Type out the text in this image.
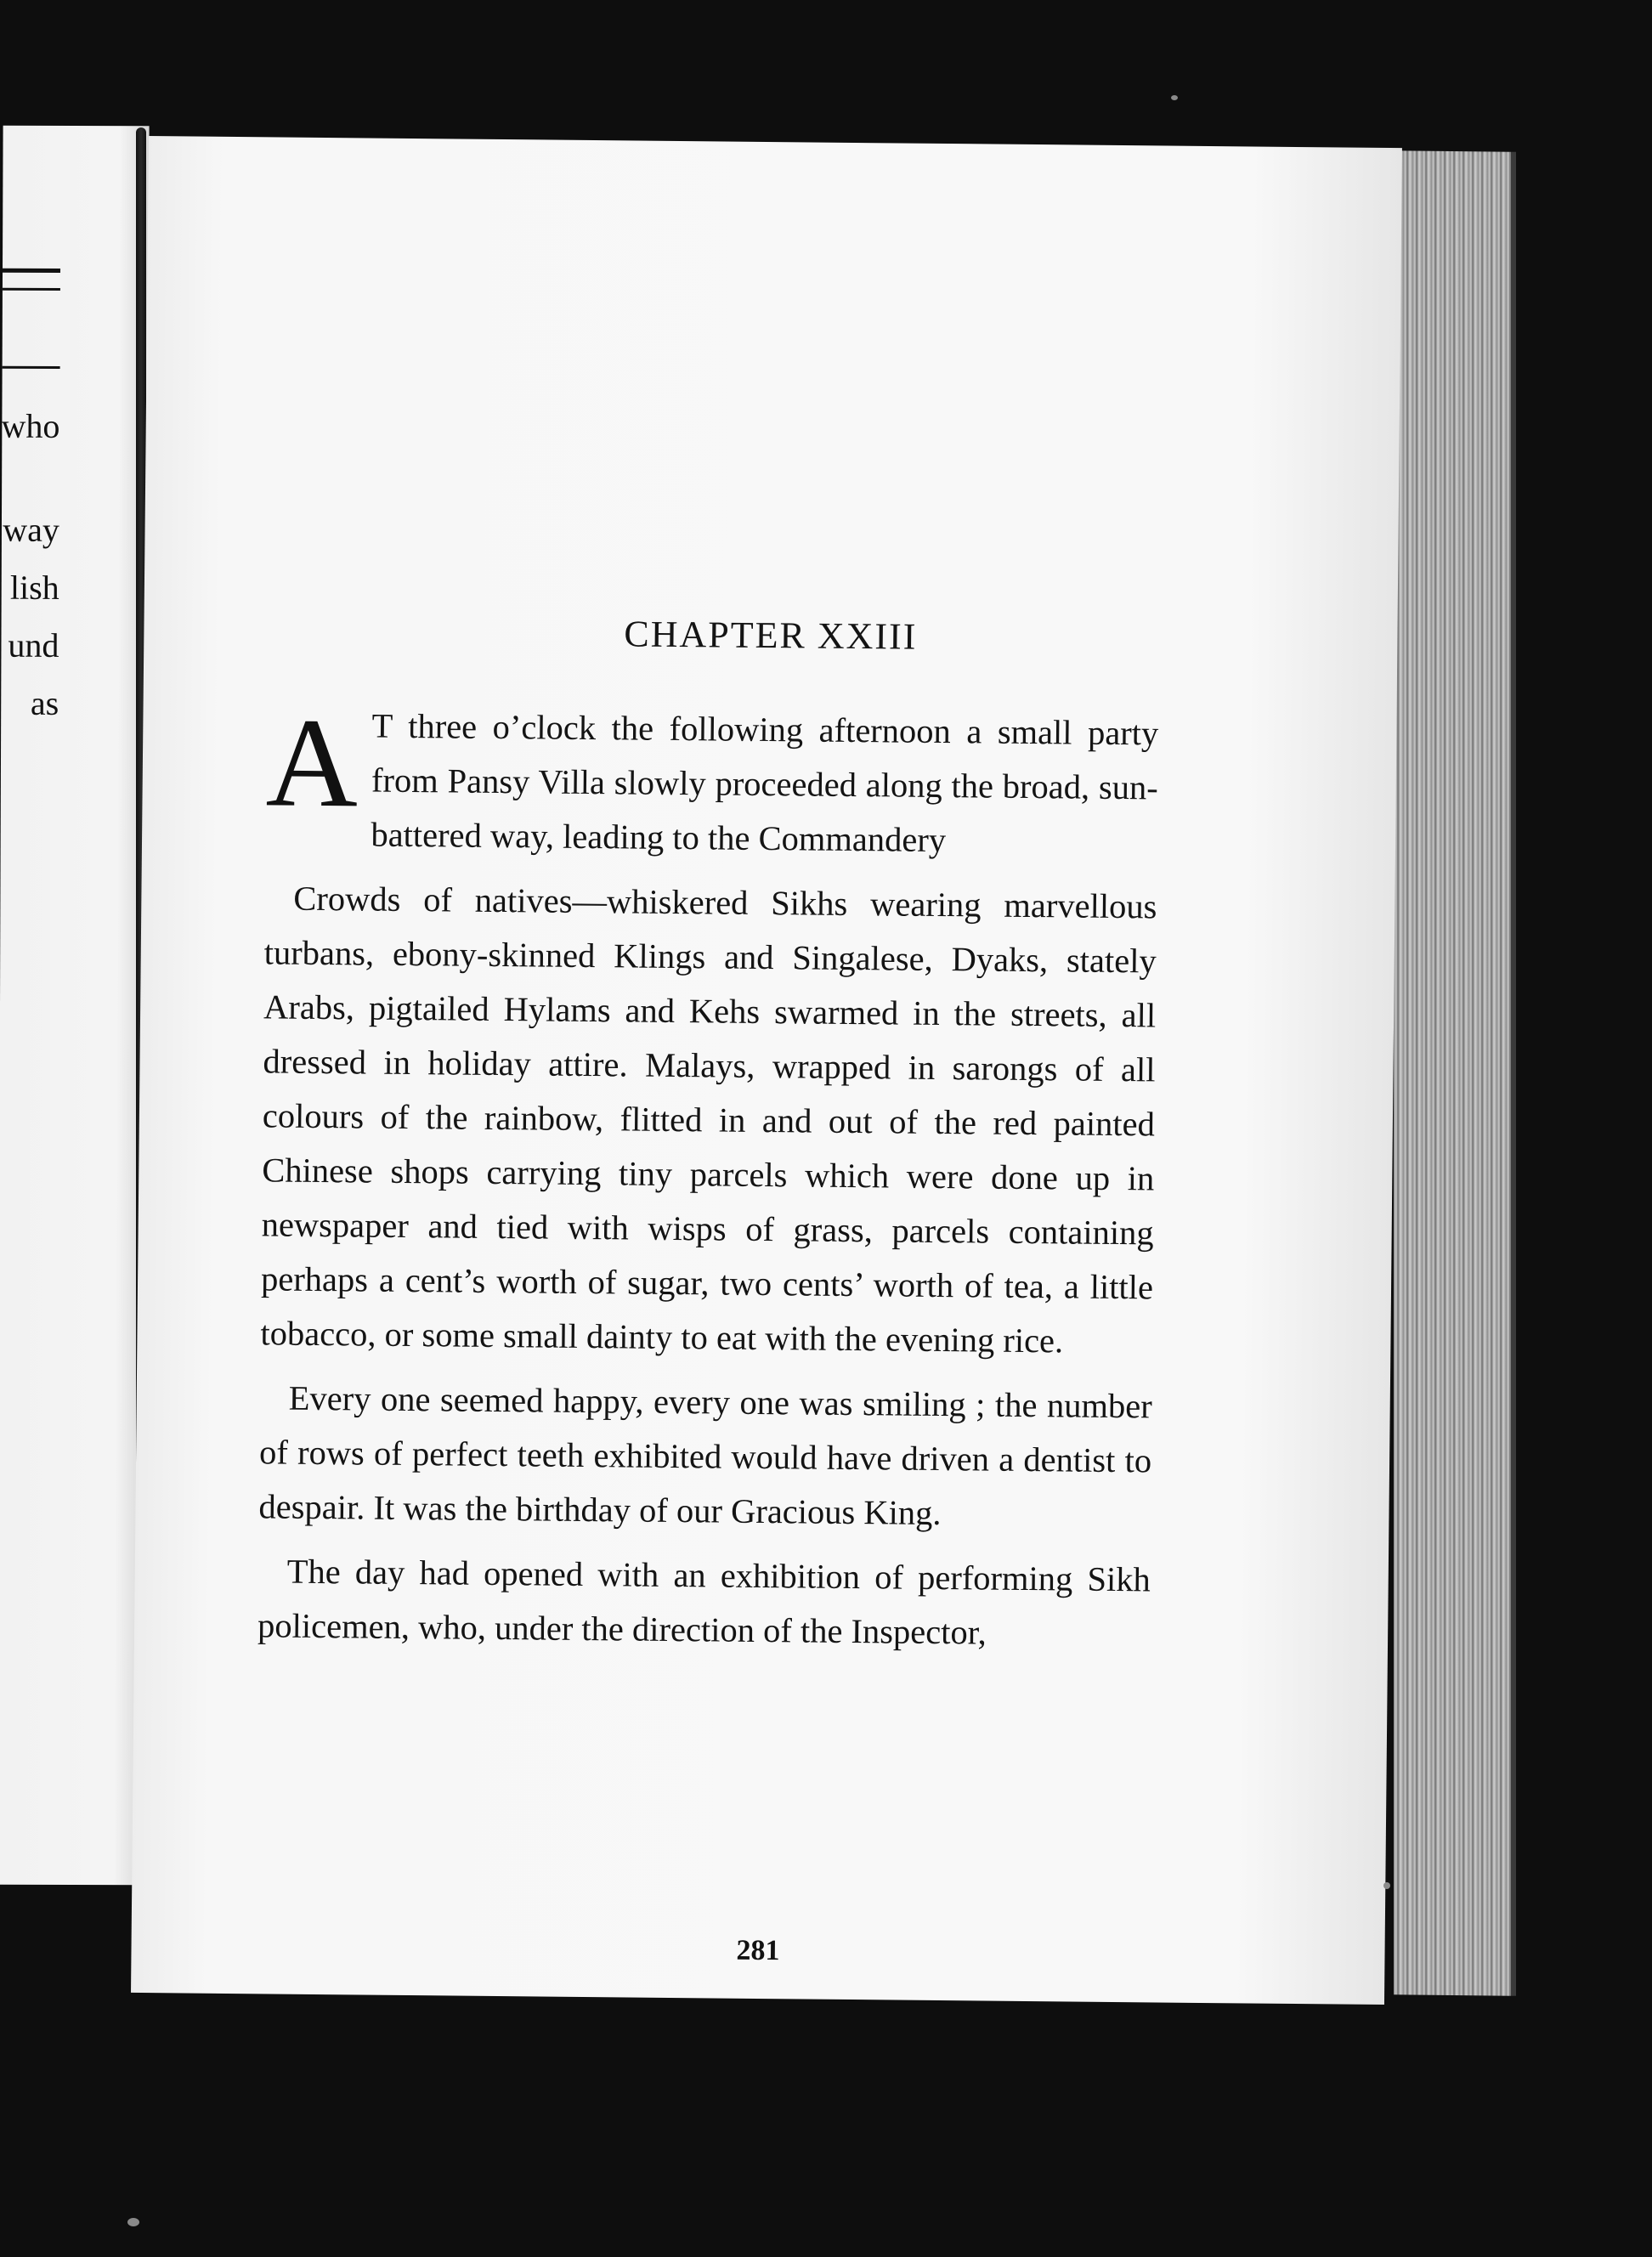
who

way

lish

und

as

CHAPTER XXIII

A T three o’clock the following afternoon a small party from Pansy Villa slowly proceeded along the broad, sun-battered way, leading to the Commandery

Crowds of natives—whiskered Sikhs wearing marvellous turbans, ebony-skinned Klings and Singalese, Dyaks, stately Arabs, pigtailed Hylams and Kehs swarmed in the streets, all dressed in holiday attire. Malays, wrapped in sarongs of all colours of the rainbow, flitted in and out of the red painted Chinese shops carrying tiny parcels which were done up in newspaper and tied with wisps of grass, parcels containing perhaps a cent’s worth of sugar, two cents’ worth of tea, a little tobacco, or some small dainty to eat with the evening rice.

Every one seemed happy, every one was smiling ; the number of rows of perfect teeth exhibited would have driven a dentist to despair. It was the birthday of our Gracious King.

The day had opened with an exhibition of performing Sikh policemen, who, under the direction of the Inspector,

281
